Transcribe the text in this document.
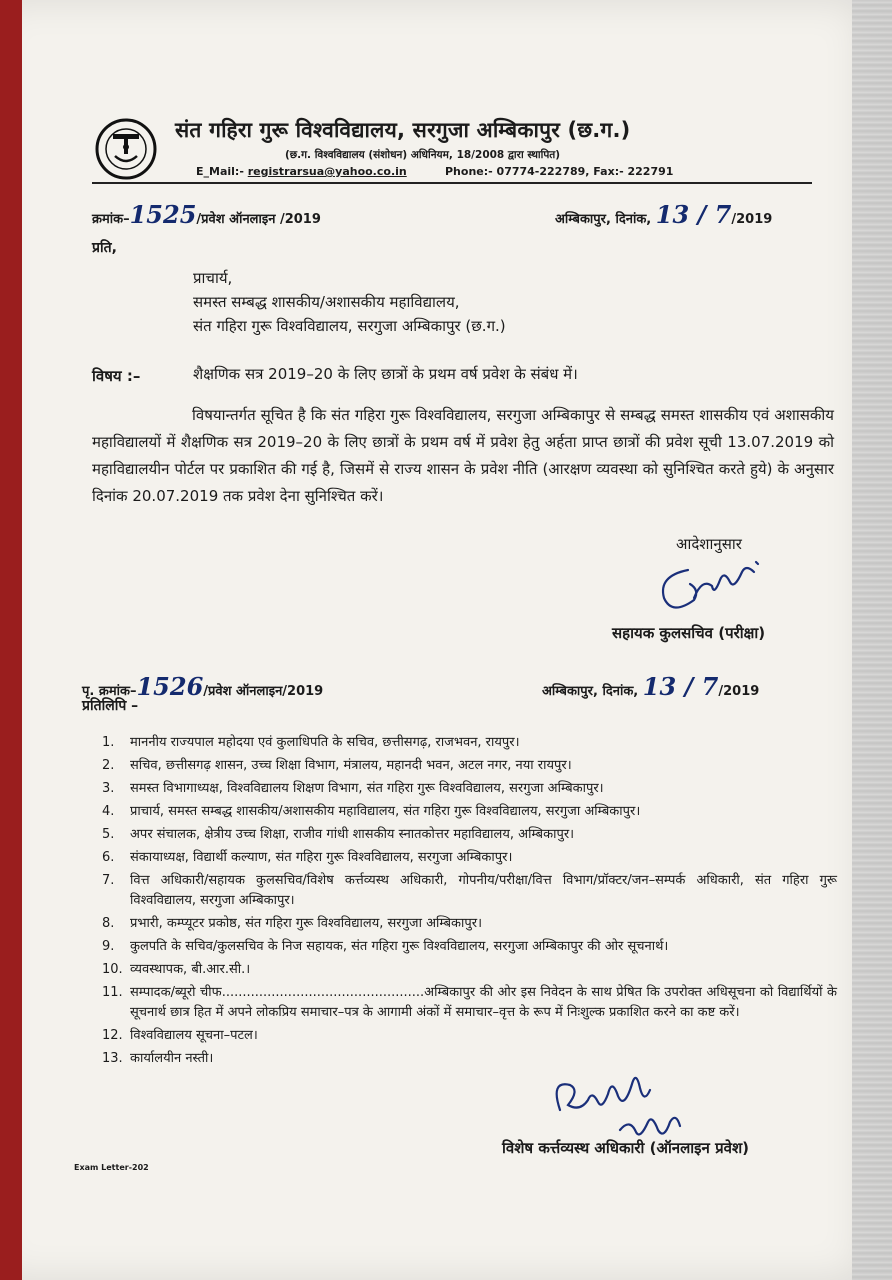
संत गहिरा गुरू विश्वविद्यालय, सरगुजा अम्बिकापुर (छ.ग.)
(छ.ग. विश्वविद्यालय (संशोधन) अधिनियम, 18/2008 द्वारा स्थापित)
E_Mail:- registrarsua@yahoo.co.in	Phone:- 07774-222789, Fax:- 222791
क्रमांक–1525/प्रवेश ऑनलाइन /2019	अम्बिकापुर, दिनांक, 13 / 7/2019
प्रति,
प्राचार्य,
समस्त सम्बद्ध शासकीय/अशासकीय महाविद्यालय,
संत गहिरा गुरू विश्वविद्यालय, सरगुजा अम्बिकापुर (छ.ग.)
विषय :–	शैक्षणिक सत्र 2019–20 के लिए छात्रों के प्रथम वर्ष प्रवेश के संबंध में।

विषयान्तर्गत सूचित है कि संत गहिरा गुरू विश्वविद्यालय, सरगुजा अम्बिकापुर से सम्बद्ध समस्त शासकीय एवं अशासकीय महाविद्यालयों में शैक्षणिक सत्र 2019–20 के लिए छात्रों के प्रथम वर्ष में प्रवेश हेतु अर्हता प्राप्त छात्रों की प्रवेश सूची 13.07.2019 को महाविद्यालयीन पोर्टल पर प्रकाशित की गई है, जिसमें से राज्य शासन के प्रवेश नीति (आरक्षण व्यवस्था को सुनिश्चित करते हुये) के अनुसार दिनांक 20.07.2019 तक प्रवेश देना सुनिश्चित करें।

आदेशानुसार
सहायक कुलसचिव (परीक्षा)
पृ. क्रमांक–1526/प्रवेश ऑनलाइन/2019	अम्बिकापुर, दिनांक, 13 / 7/2019
प्रतिलिपि –
1.	माननीय राज्यपाल महोदया एवं कुलाधिपति के सचिव, छत्तीसगढ़, राजभवन, रायपुर।
2.	सचिव, छत्तीसगढ़ शासन, उच्च शिक्षा विभाग, मंत्रालय, महानदी भवन, अटल नगर, नया रायपुर।
3.	समस्त विभागाध्यक्ष, विश्वविद्यालय शिक्षण विभाग, संत गहिरा गुरू विश्वविद्यालय, सरगुजा अम्बिकापुर।
4.	प्राचार्य, समस्त सम्बद्ध शासकीय/अशासकीय महाविद्यालय, संत गहिरा गुरू विश्वविद्यालय, सरगुजा अम्बिकापुर।
5.	अपर संचालक, क्षेत्रीय उच्च शिक्षा, राजीव गांधी शासकीय स्नातकोत्तर महाविद्यालय, अम्बिकापुर।
6.	संकायाध्यक्ष, विद्यार्थी कल्याण, संत गहिरा गुरू विश्वविद्यालय, सरगुजा अम्बिकापुर।
7.	वित्त अधिकारी/सहायक कुलसचिव/विशेष कर्त्तव्यस्थ अधिकारी, गोपनीय/परीक्षा/वित्त विभाग/प्रॉक्टर/जन–सम्पर्क अधिकारी, संत गहिरा गुरू विश्वविद्यालय, सरगुजा अम्बिकापुर।
8.	प्रभारी, कम्प्यूटर प्रकोष्ठ, संत गहिरा गुरू विश्वविद्यालय, सरगुजा अम्बिकापुर।
9.	कुलपति के सचिव/कुलसचिव के निज सहायक, संत गहिरा गुरू विश्वविद्यालय, सरगुजा अम्बिकापुर की ओर सूचनार्थ।
10. व्यवस्थापक, बी.आर.सी.।
11. सम्पादक/ब्यूरो चीफ.................................................अम्बिकापुर की ओर इस निवेदन के साथ प्रेषित कि उपरोक्त अधिसूचना को विद्यार्थियों के सूचनार्थ छात्र हित में अपने लोकप्रिय समाचार–पत्र के आगामी अंकों में समाचार–वृत्त के रूप में निःशुल्क प्रकाशित करने का कष्ट करें।
12. विश्वविद्यालय सूचना–पटल।
13. कार्यालयीन नस्ती।
विशेष कर्त्तव्यस्थ अधिकारी (ऑनलाइन प्रवेश)
Exam Letter-202
